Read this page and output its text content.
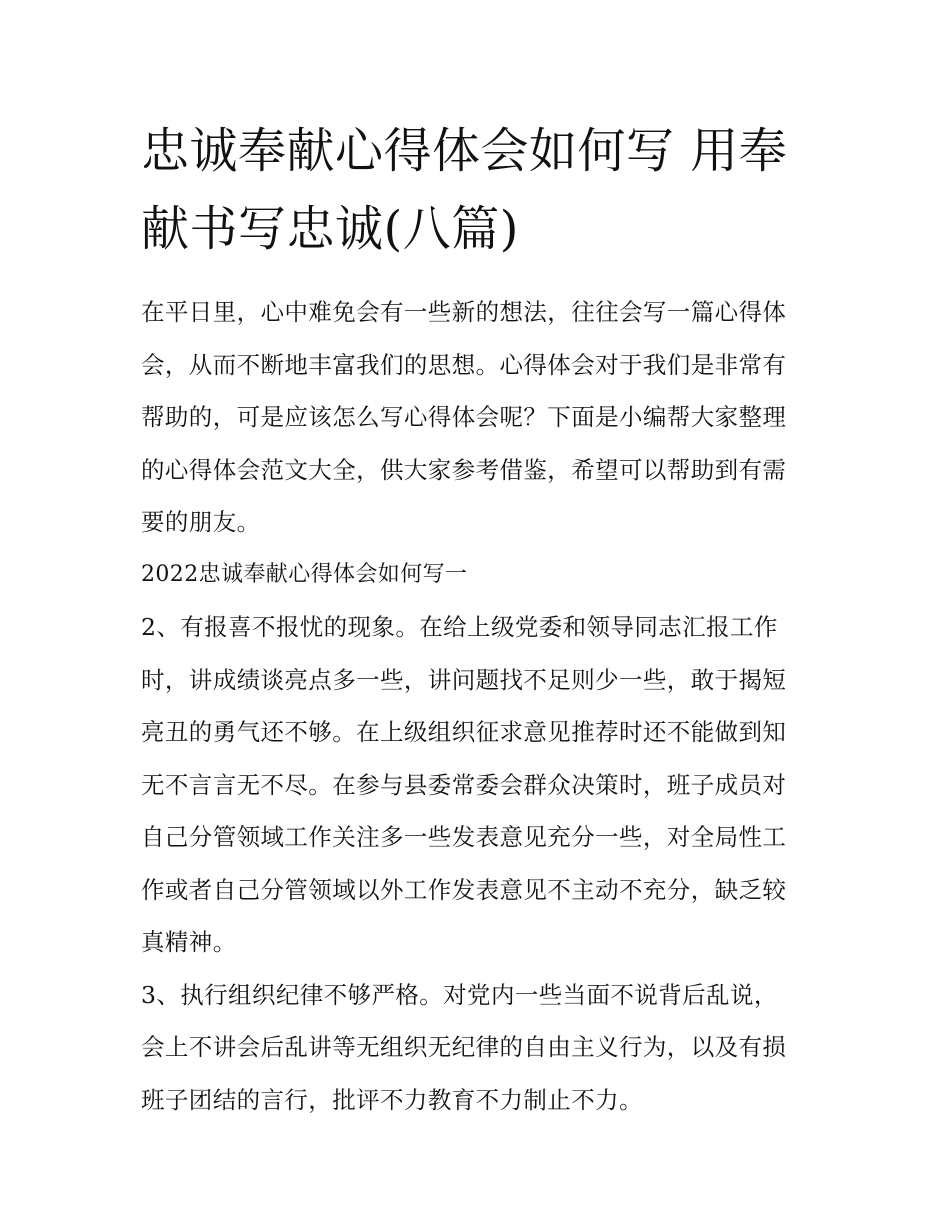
忠诚奉献心得体会如何写 用奉
献书写忠诚(八篇)
在平日里，心中难免会有一些新的想法，往往会写一篇心得体
会，从而不断地丰富我们的思想。心得体会对于我们是非常有
帮助的，可是应该怎么写心得体会呢？下面是小编帮大家整理
的心得体会范文大全，供大家参考借鉴，希望可以帮助到有需
要的朋友。
2022忠诚奉献心得体会如何写一
2、有报喜不报忧的现象。在给上级党委和领导同志汇报工作
时，讲成绩谈亮点多一些，讲问题找不足则少一些，敢于揭短
亮丑的勇气还不够。在上级组织征求意见推荐时还不能做到知
无不言言无不尽。在参与县委常委会群众决策时，班子成员对
自己分管领域工作关注多一些发表意见充分一些，对全局性工
作或者自己分管领域以外工作发表意见不主动不充分，缺乏较
真精神。
3、执行组织纪律不够严格。对党内一些当面不说背后乱说，
会上不讲会后乱讲等无组织无纪律的自由主义行为，以及有损
班子团结的言行，批评不力教育不力制止不力。
